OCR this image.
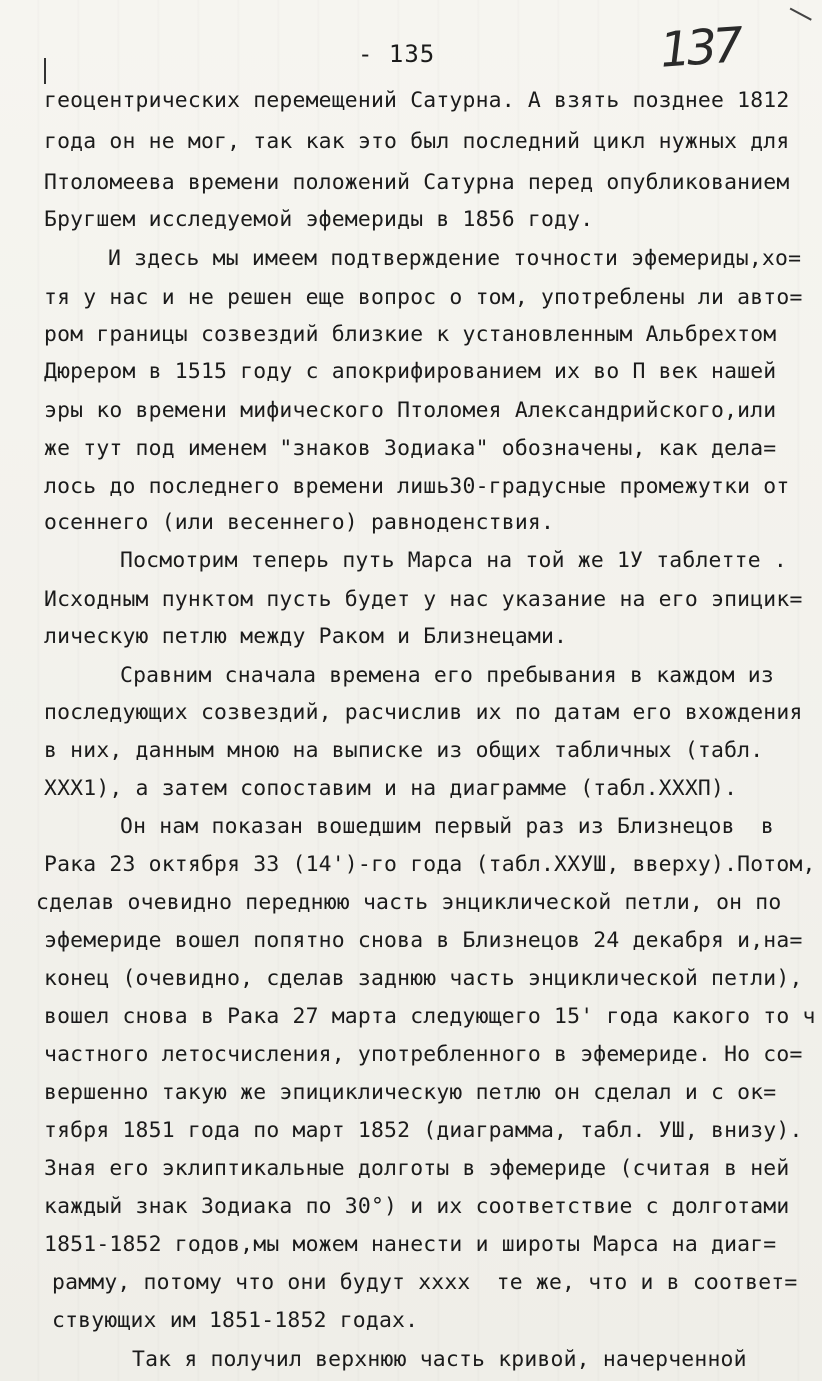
- 135	137
геоцентрических перемещений Сатурна. А взять позднее 1812
года он не мог, так как это был последний цикл нужных для
Птоломеева времени положений Сатурна перед опубликованием
Бругшем исследуемой эфемериды в 1856 году.
И здесь мы имеем подтверждение точности эфемериды,хо=
тя у нас и не решен еще вопрос о том, употреблены ли авто=
ром границы созвездий близкие к установленным Альбрехтом
Дюрером в 1515 году с апокрифированием их во П век нашей
эры ко времени мифического Птоломея Александрийского,или
же тут под именем "знаков Зодиака" обозначены, как дела=
лось до последнего времени лишь30-градусные промежутки от
осеннего (или весеннего) равноденствия.
Посмотрим теперь путь Марса на той же 1У таблетте .
Исходным пунктом пусть будет у нас указание на его эпицик=
лическую петлю между Раком и Близнецами.
Сравним сначала времена его пребывания в каждом из
последующих созвездий, расчислив их по датам его вхождения
в них, данным мною на выписке из общих табличных (табл.
XXX1), а затем сопоставим и на диаграмме (табл.XXXП).
Он нам показан вошедшим первый раз из Близнецов  в
Рака 23 октября 33 (14')-го года (табл.XXУШ, вверху).Потом,
сделав очевидно переднюю часть энциклической петли, он по
эфемериде вошел попятно снова в Близнецов 24 декабря и,на=
конец (очевидно, сделав заднюю часть энциклической петли),
вошел снова в Рака 27 марта следующего 15' года какого то ч
частного летосчисления, употребленного в эфемериде. Но со=
вершенно такую же эпициклическую петлю он сделал и с ок=
тября 1851 года по март 1852 (диаграмма, табл. УШ, внизу).
Зная его эклиптикальные долготы в эфемериде (считая в ней
каждый знак Зодиака по 30°) и их соответствие с долготами
1851-1852 годов,мы можем нанести и широты Марса на диаг=
рамму, потому что они будут xxxx  те же, что и в соответ=
ствующих им 1851-1852 годах.
Так я получил верхнюю часть кривой, начерченной
